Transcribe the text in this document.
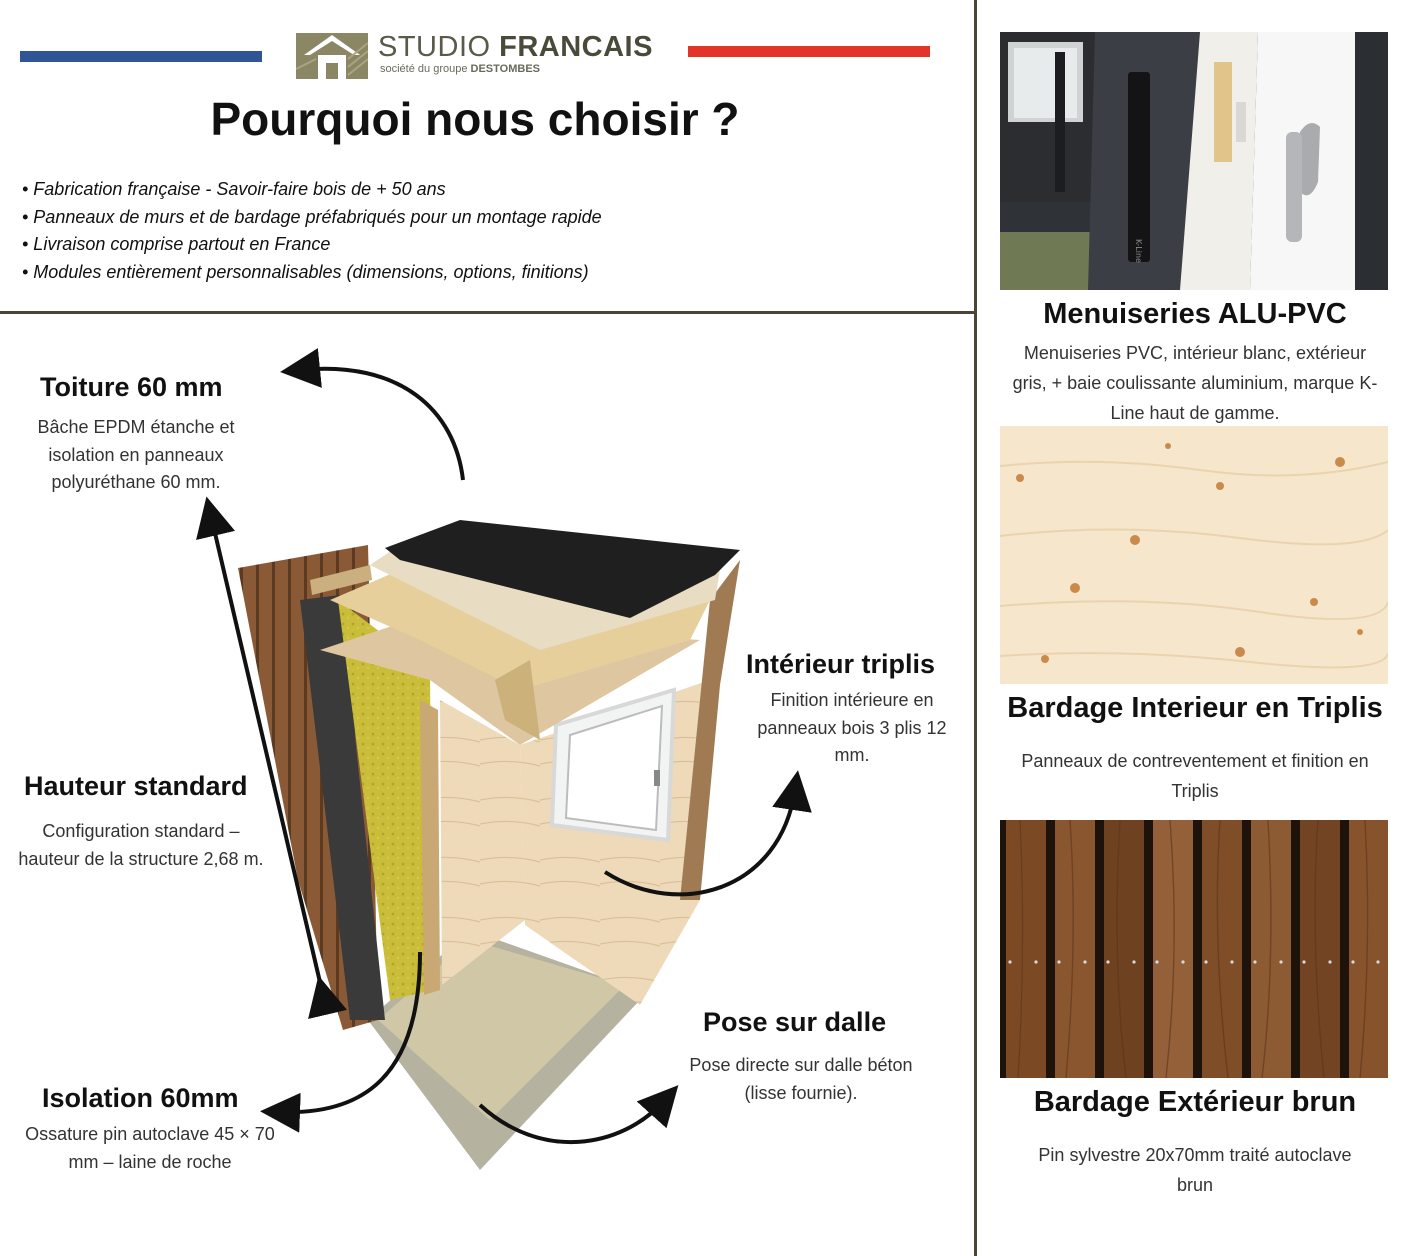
STUDIO FRANCAIS
société du groupe DESTOMBES
Pourquoi nous choisir ?
• Fabrication française - Savoir-faire bois de + 50 ans
• Panneaux de murs et de bardage préfabriqués pour un montage rapide
• Livraison comprise partout en France
• Modules entièrement personnalisables (dimensions, options, finitions)
Toiture 60 mm
Bâche EPDM étanche et isolation en panneaux polyuréthane 60 mm.
Hauteur standard
Configuration standard – hauteur de la structure 2,68 m.
Isolation 60mm
Ossature pin autoclave 45 × 70 mm – laine de roche
Intérieur triplis
Finition intérieure en panneaux bois 3 plis 12 mm.
Pose sur dalle
Pose directe sur dalle béton (lisse fournie).
K-Line
Menuiseries ALU-PVC
Menuiseries PVC, intérieur blanc, extérieur gris, + baie coulissante aluminium, marque K-Line haut de gamme.
Bardage Interieur en Triplis
Panneaux de contreventement et finition en Triplis
Bardage Extérieur brun
Pin sylvestre 20x70mm traité autoclave brun
